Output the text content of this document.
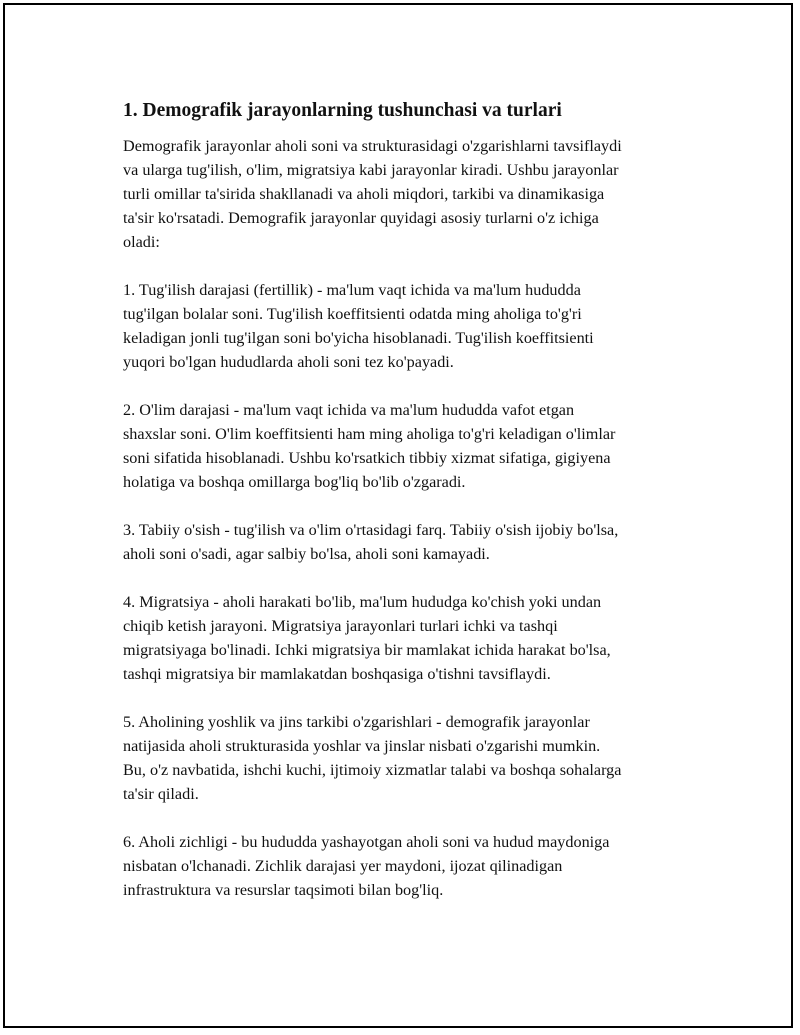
1. Demografik jarayonlarning tushunchasi va turlari

Demografik jarayonlar aholi soni va strukturasidagi o'zgarishlarni tavsiflaydi
va ularga tug'ilish, o'lim, migratsiya kabi jarayonlar kiradi. Ushbu jarayonlar
turli omillar ta'sirida shakllanadi va aholi miqdori, tarkibi va dinamikasiga
ta'sir ko'rsatadi. Demografik jarayonlar quyidagi asosiy turlarni o'z ichiga
oladi:

1. Tug'ilish darajasi (fertillik) - ma'lum vaqt ichida va ma'lum hududda
tug'ilgan bolalar soni. Tug'ilish koeffitsienti odatda ming aholiga to'g'ri
keladigan jonli tug'ilgan soni bo'yicha hisoblanadi. Tug'ilish koeffitsienti
yuqori bo'lgan hududlarda aholi soni tez ko'payadi.

2. O'lim darajasi - ma'lum vaqt ichida va ma'lum hududda vafot etgan
shaxslar soni. O'lim koeffitsienti ham ming aholiga to'g'ri keladigan o'limlar
soni sifatida hisoblanadi. Ushbu ko'rsatkich tibbiy xizmat sifatiga, gigiyena
holatiga va boshqa omillarga bog'liq bo'lib o'zgaradi.

3. Tabiiy o'sish - tug'ilish va o'lim o'rtasidagi farq. Tabiiy o'sish ijobiy bo'lsa,
aholi soni o'sadi, agar salbiy bo'lsa, aholi soni kamayadi.

4. Migratsiya - aholi harakati bo'lib, ma'lum hududga ko'chish yoki undan
chiqib ketish jarayoni. Migratsiya jarayonlari turlari ichki va tashqi
migratsiyaga bo'linadi. Ichki migratsiya bir mamlakat ichida harakat bo'lsa,
tashqi migratsiya bir mamlakatdan boshqasiga o'tishni tavsiflaydi.

5. Aholining yoshlik va jins tarkibi o'zgarishlari - demografik jarayonlar
natijasida aholi strukturasida yoshlar va jinslar nisbati o'zgarishi mumkin.
Bu, o'z navbatida, ishchi kuchi, ijtimoiy xizmatlar talabi va boshqa sohalarga
ta'sir qiladi.

6. Aholi zichligi - bu hududda yashayotgan aholi soni va hudud maydoniga
nisbatan o'lchanadi. Zichlik darajasi yer maydoni, ijozat qilinadigan
infrastruktura va resurslar taqsimoti bilan bog'liq.
